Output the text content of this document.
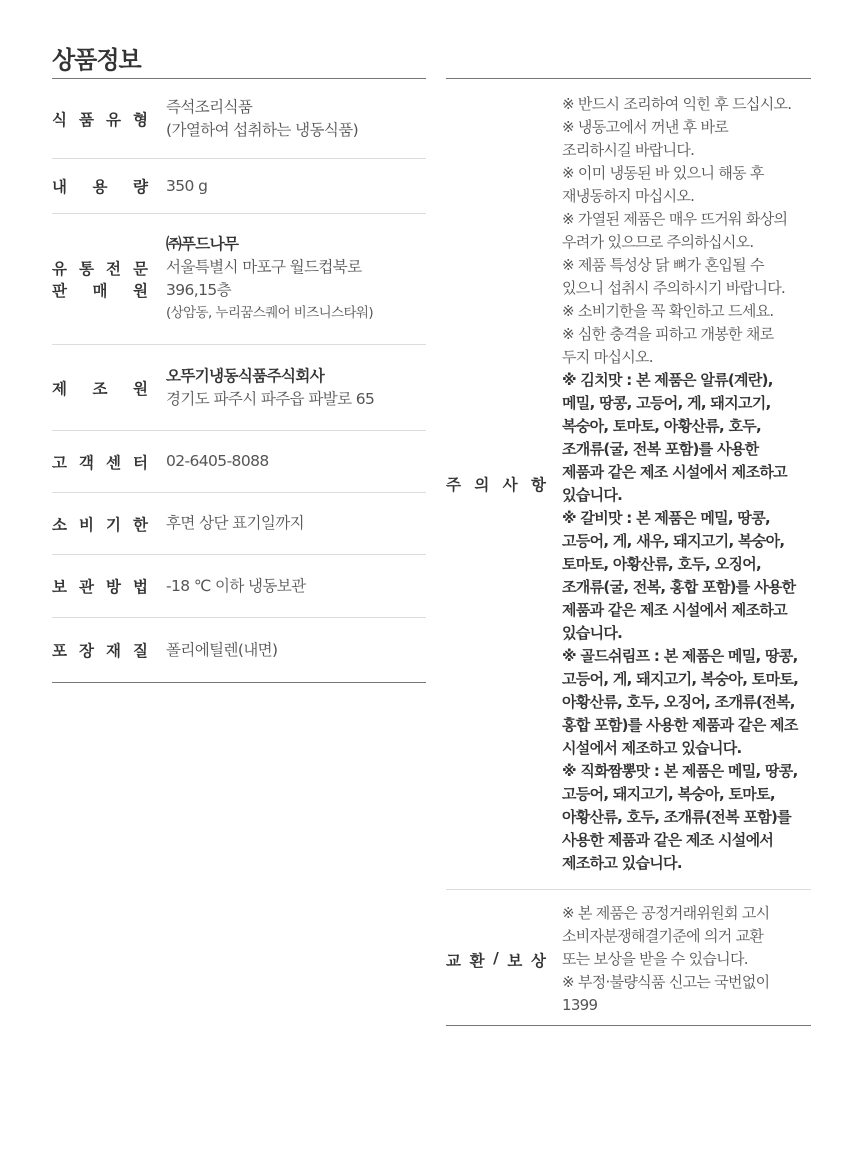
상품정보
식 품 유 형
즉석조리식품
(가열하여 섭취하는 냉동식품)
내 용 량 350 g
유 통 전 문
판 매 원
㈜푸드나무
서울특별시 마포구 월드컵북로
396,15층
(상암동, 누리꿈스퀘어 비즈니스타워)
제 조 원
오뚜기냉동식품주식회사
경기도 파주시 파주읍 파발로 65
고 객 센 터 02-6405-8088
소 비 기 한 후면 상단 표기일까지
보 관 방 법 -18 ℃ 이하 냉동보관
포 장 재 질 폴리에틸렌(내면)
주 의 사 항
※ 반드시 조리하여 익힌 후 드십시오.
※ 냉동고에서 꺼낸 후 바로
조리하시길 바랍니다.
※ 이미 냉동된 바 있으니 해동 후
재냉동하지 마십시오.
※ 가열된 제품은 매우 뜨거워 화상의
우려가 있으므로 주의하십시오.
※ 제품 특성상 닭 뼈가 혼입될 수
있으니 섭취시 주의하시기 바랍니다.
※ 소비기한을 꼭 확인하고 드세요.
※ 심한 충격을 피하고 개봉한 채로
두지 마십시오.
※ 김치맛 : 본 제품은 알류(계란),
메밀, 땅콩, 고등어, 게, 돼지고기,
복숭아, 토마토, 아황산류, 호두,
조개류(굴, 전복 포함)를 사용한
제품과 같은 제조 시설에서 제조하고
있습니다.
※ 갈비맛 : 본 제품은 메밀, 땅콩,
고등어, 게, 새우, 돼지고기, 복숭아,
토마토, 아황산류, 호두, 오징어,
조개류(굴, 전복, 홍합 포함)를 사용한
제품과 같은 제조 시설에서 제조하고
있습니다.
※ 골드쉬림프 : 본 제품은 메밀, 땅콩,
고등어, 게, 돼지고기, 복숭아, 토마토,
아황산류, 호두, 오징어, 조개류(전복,
홍합 포함)를 사용한 제품과 같은 제조
시설에서 제조하고 있습니다.
※ 직화짬뽕맛 : 본 제품은 메밀, 땅콩,
고등어, 돼지고기, 복숭아, 토마토,
아황산류, 호두, 조개류(전복 포함)를
사용한 제품과 같은 제조 시설에서
제조하고 있습니다.
교 환 / 보 상
※ 본 제품은 공정거래위원회 고시
소비자분쟁해결기준에 의거 교환
또는 보상을 받을 수 있습니다.
※ 부정·불량식품 신고는 국번없이
1399
